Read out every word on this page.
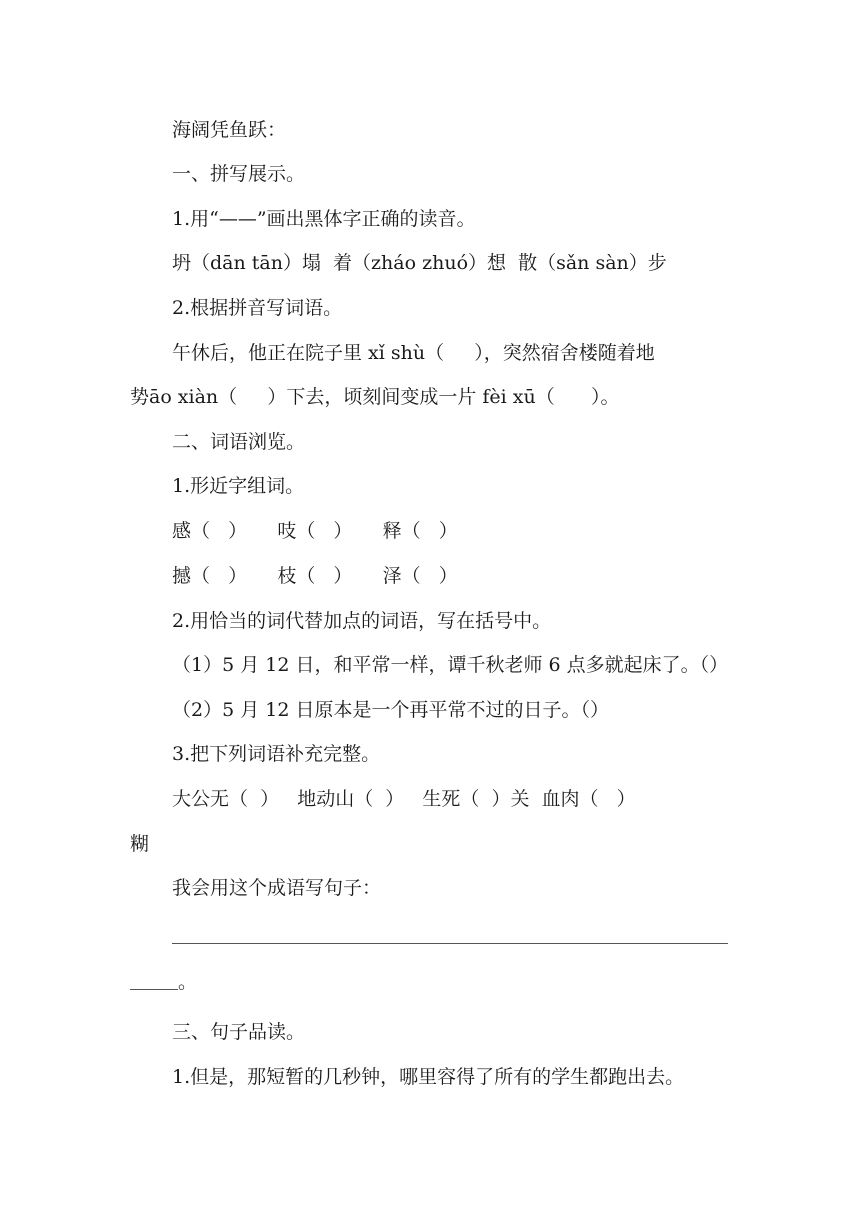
海阔凭鱼跃：
一、拼写展示。
1.用“——”画出黑体字正确的读音。
坍（dān tān）塌  着（zháo zhuó）想  散（sǎn sàn）步
2.根据拼音写词语。
午休后，他正在院子里 xǐ shù（     ），突然宿舍楼随着地
势āo xiàn（     ）下去，顷刻间变成一片 fèi xū（      ）。
二、词语浏览。
1.形近字组词。
感（   ）     吱（   ）     释（   ）
撼（   ）     枝（   ）     泽（   ）
2.用恰当的词代替加点的词语，写在括号中。
（1）5 月 12 日，和平常一样，谭千秋老师 6 点多就起床了。（）
（2）5 月 12 日原本是一个再平常不过的日子。（）
3.把下列词语补充完整。
大公无（  ）   地动山（  ）   生死（  ）关  血肉（   ）
糊
我会用这个成语写句子：
。
三、句子品读。
1.但是，那短暂的几秒钟，哪里容得了所有的学生都跑出去。
